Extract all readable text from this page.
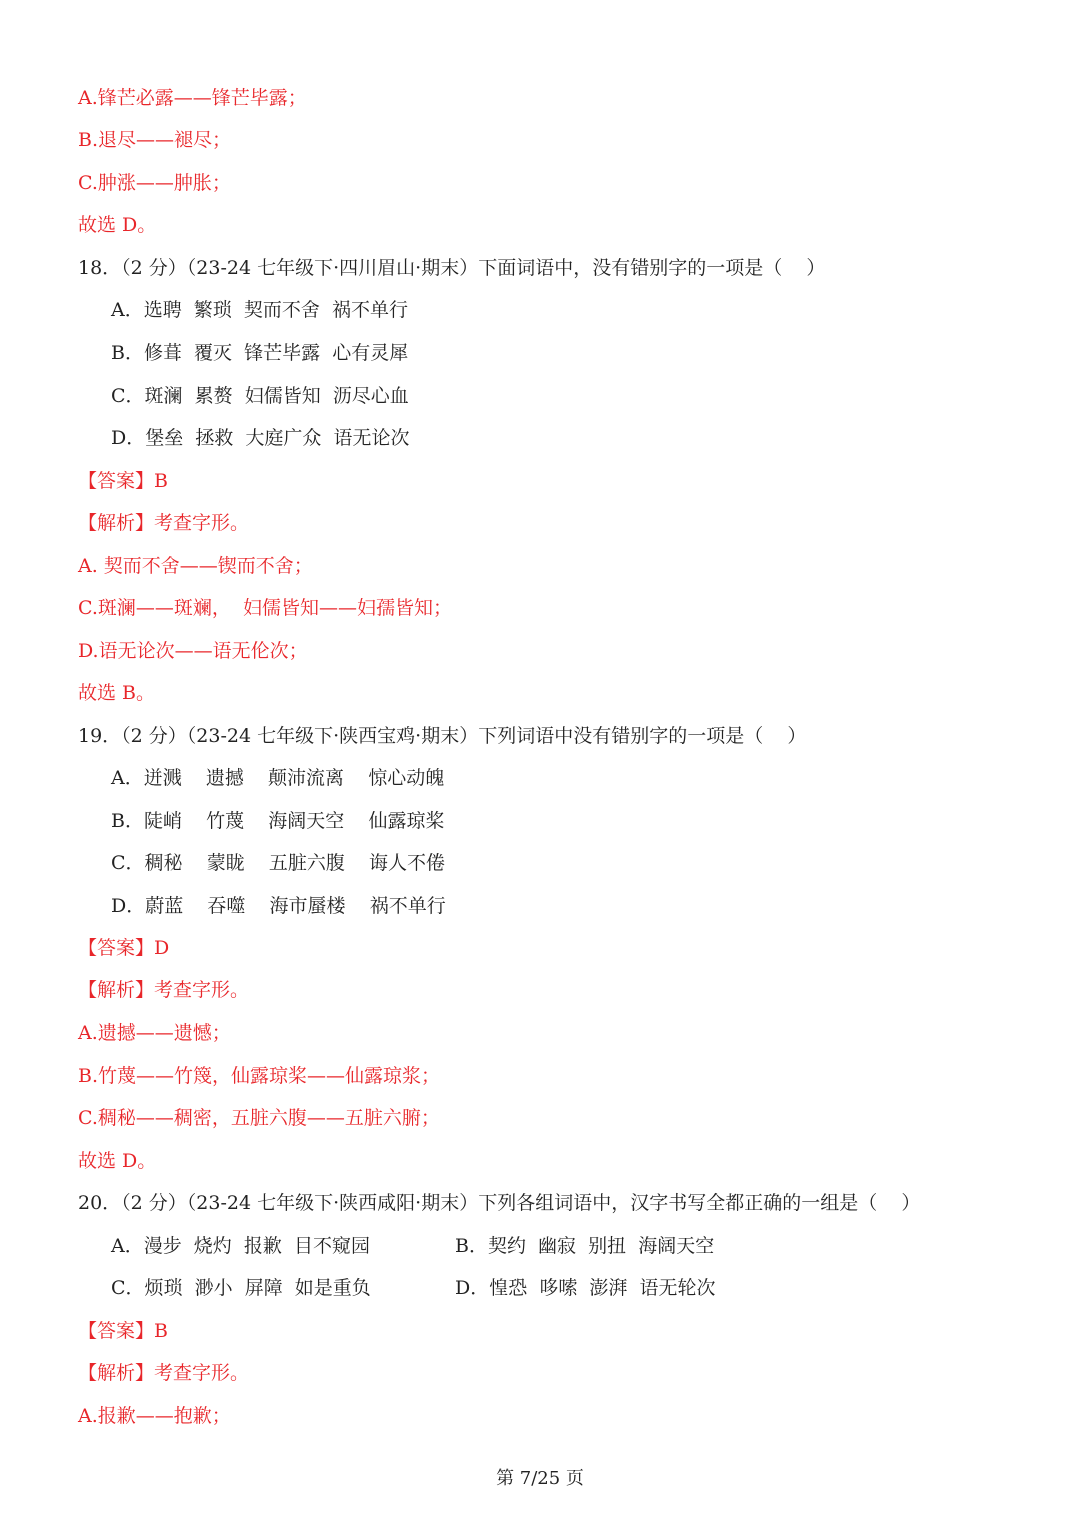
A.锋芒必露——锋芒毕露；
B.退尽——褪尽；
C.肿涨——肿胀；
故选 D。
18．（2 分）（23-24 七年级下·四川眉山·期末）下面词语中，没有错别字的一项是（    ）
A．选聘  繁琐  契而不舍  祸不单行
B．修葺  覆灭  锋芒毕露  心有灵犀
C．斑澜  累赘  妇儒皆知  沥尽心血
D．堡垒  拯救  大庭广众  语无论次
【答案】B
【解析】考查字形。
A. 契而不舍——锲而不舍；
C.斑澜——斑斓，  妇儒皆知——妇孺皆知；
D.语无论次——语无伦次；
故选 B。
19．（2 分）（23-24 七年级下·陕西宝鸡·期末）下列词语中没有错别字的一项是（    ）
A．迸溅    遗撼    颠沛流离    惊心动魄
B．陡峭    竹蔑    海阔天空    仙露琼桨
C．稠秘    蒙眬    五脏六腹    诲人不倦
D．蔚蓝    吞噬    海市蜃楼    祸不单行
【答案】D
【解析】考查字形。
A.遗撼——遗憾；
B.竹蔑——竹篾，仙露琼桨——仙露琼浆；
C.稠秘——稠密，五脏六腹——五脏六腑；
故选 D。
20．（2 分）（23-24 七年级下·陕西咸阳·期末）下列各组词语中，汉字书写全都正确的一组是（    ）
A．漫步  烧灼  报歉  目不窥园	B．契约  幽寂  别扭  海阔天空
C．烦琐  渺小  屏障  如是重负	D．惶恐  哆嗦  澎湃  语无轮次
【答案】B
【解析】考查字形。
A.报歉——抱歉；
第 7/25 页
